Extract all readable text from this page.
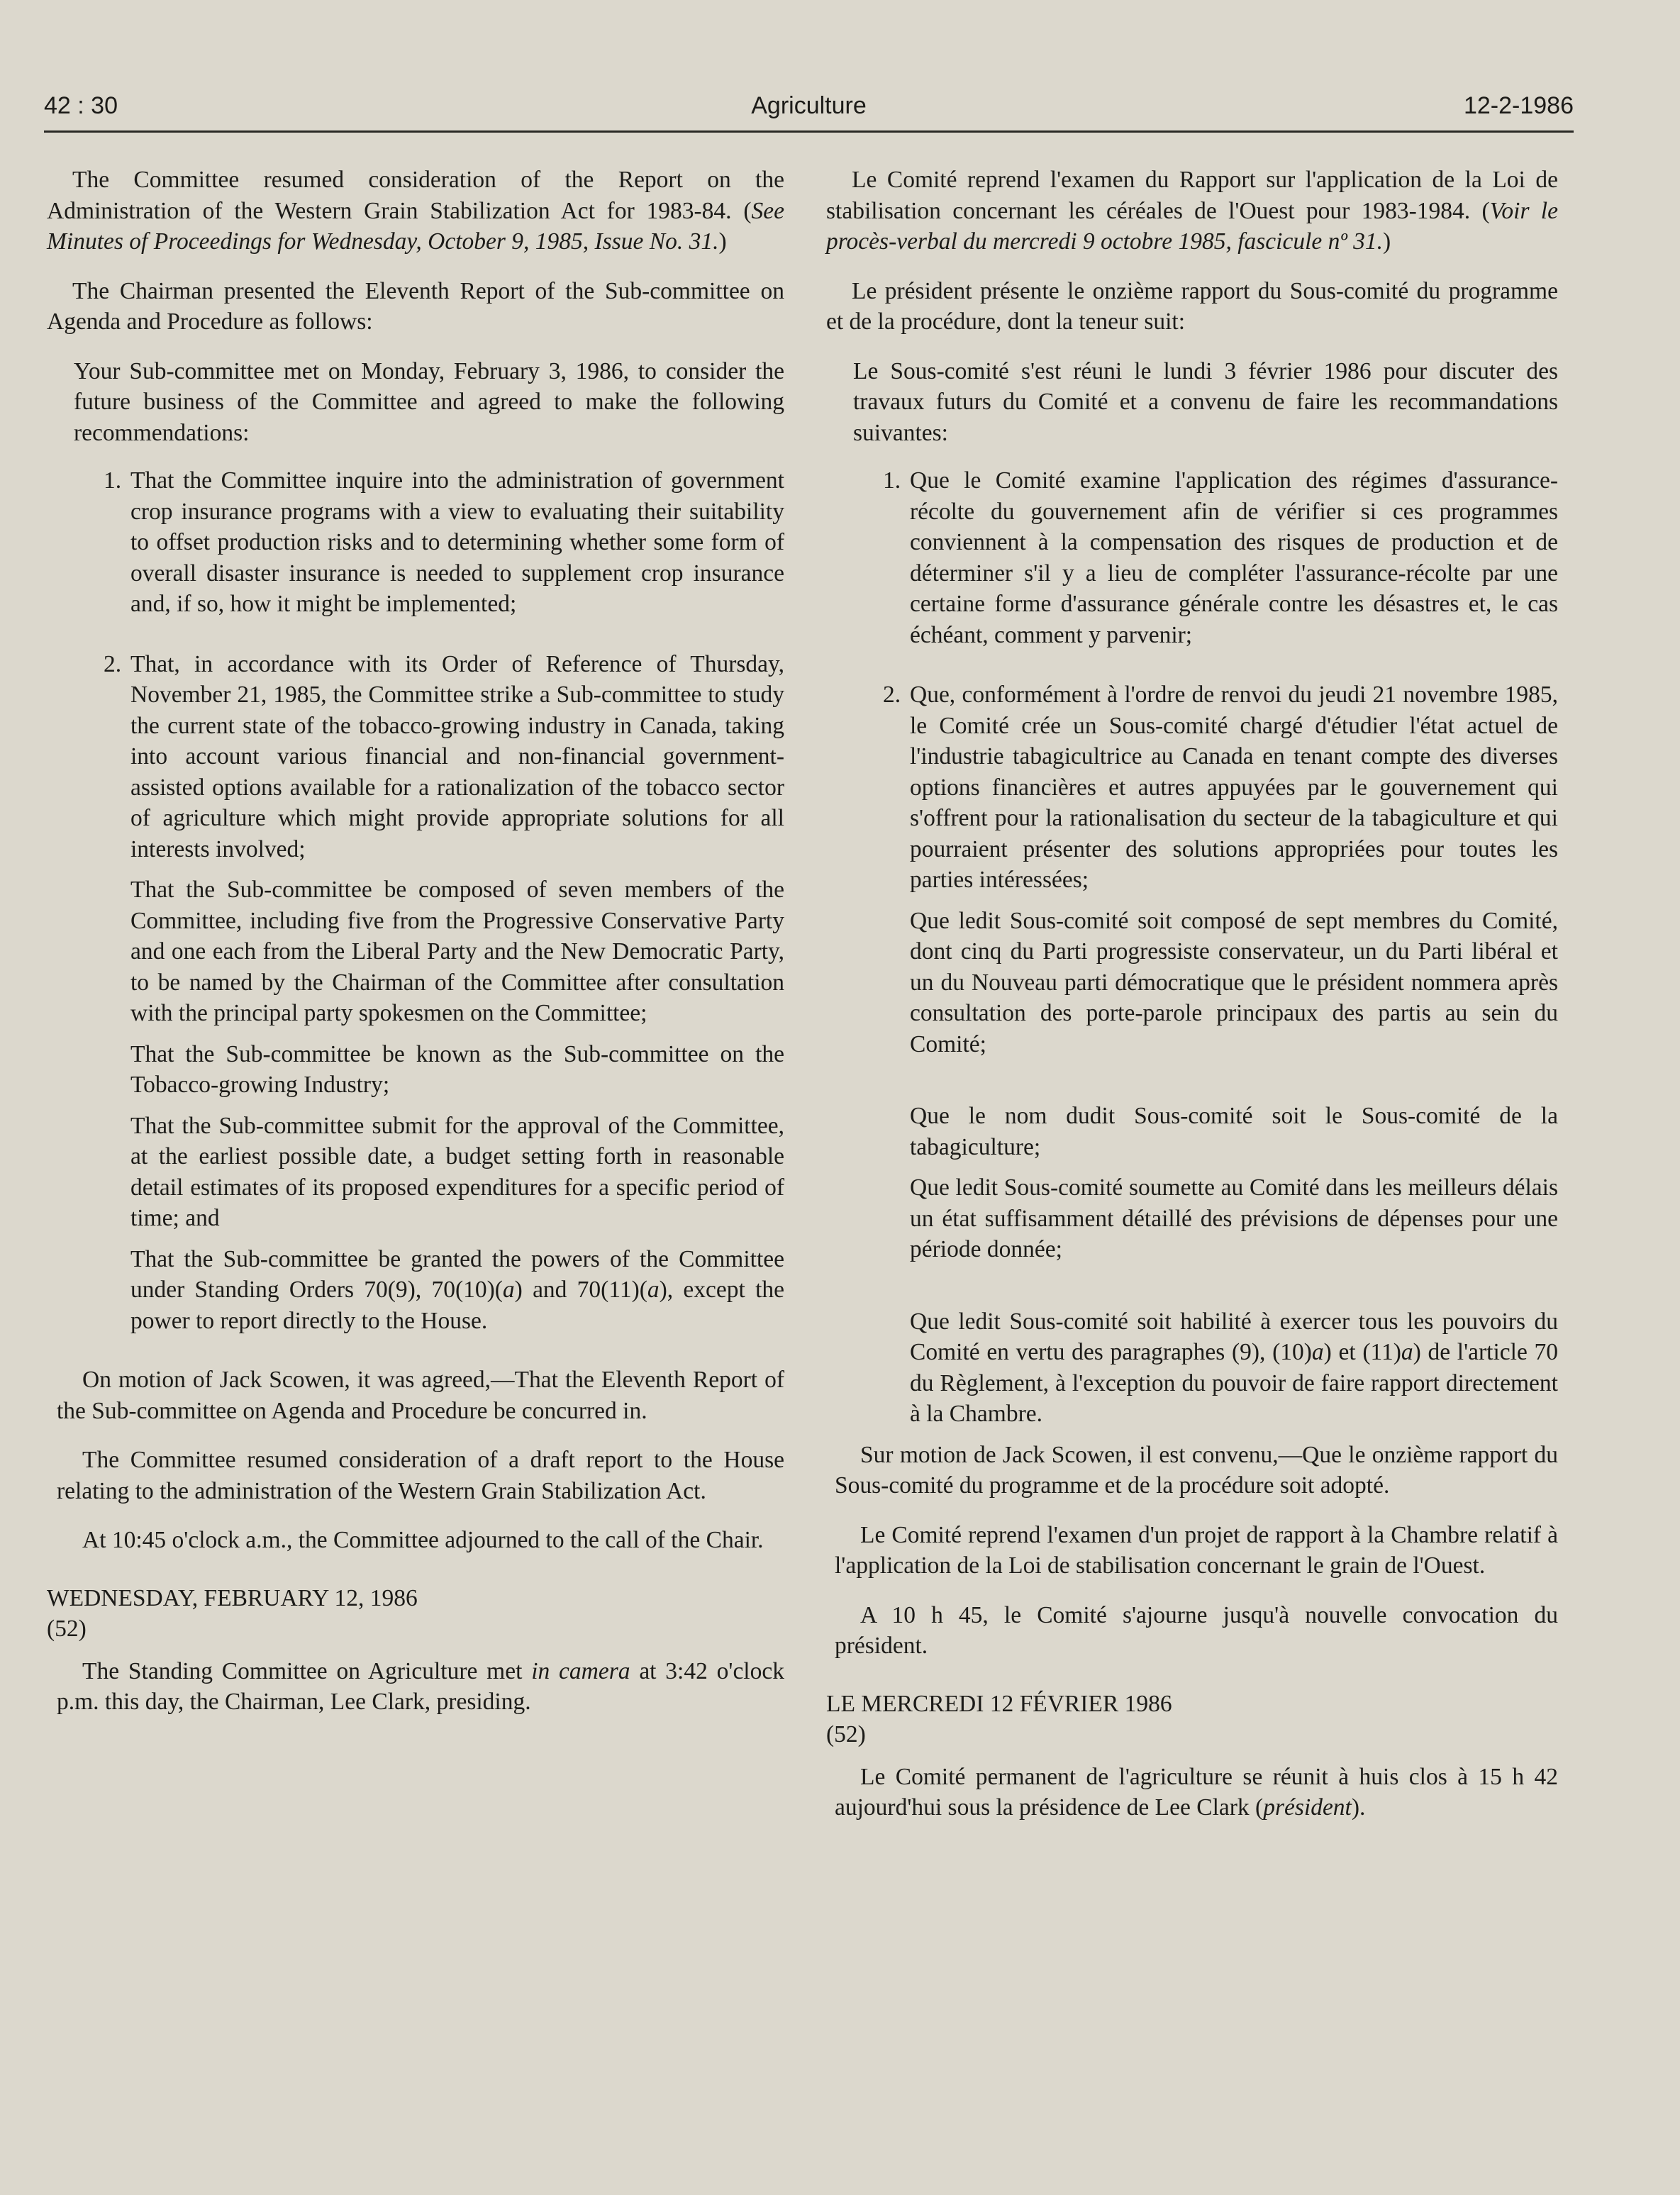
42 : 30	Agriculture	12-2-1986

The Committee resumed consideration of the Report on the Administration of the Western Grain Stabilization Act for 1983-84. (See Minutes of Proceedings for Wednesday, October 9, 1985, Issue No. 31.)

The Chairman presented the Eleventh Report of the Sub-committee on Agenda and Procedure as follows:

Your Sub-committee met on Monday, February 3, 1986, to consider the future business of the Committee and agreed to make the following recommendations:

1. That the Committee inquire into the administration of government crop insurance programs with a view to evaluating their suitability to offset production risks and to determining whether some form of overall disaster insurance is needed to supplement crop insurance and, if so, how it might be implemented;

2. That, in accordance with its Order of Reference of Thursday, November 21, 1985, the Committee strike a Sub-committee to study the current state of the tobacco-growing industry in Canada, taking into account various financial and non-financial government-assisted options available for a rationalization of the tobacco sector of agriculture which might provide appropriate solutions for all interests involved;

That the Sub-committee be composed of seven members of the Committee, including five from the Progressive Conservative Party and one each from the Liberal Party and the New Democratic Party, to be named by the Chairman of the Committee after consultation with the principal party spokesmen on the Committee;

That the Sub-committee be known as the Sub-committee on the Tobacco-growing Industry;

That the Sub-committee submit for the approval of the Committee, at the earliest possible date, a budget setting forth in reasonable detail estimates of its proposed expenditures for a specific period of time; and

That the Sub-committee be granted the powers of the Committee under Standing Orders 70(9), 70(10)(a) and 70(11)(a), except the power to report directly to the House.

On motion of Jack Scowen, it was agreed,—That the Eleventh Report of the Sub-committee on Agenda and Procedure be concurred in.

The Committee resumed consideration of a draft report to the House relating to the administration of the Western Grain Stabilization Act.

At 10:45 o'clock a.m., the Committee adjourned to the call of the Chair.

WEDNESDAY, FEBRUARY 12, 1986

(52)

The Standing Committee on Agriculture met in camera at 3:42 o'clock p.m. this day, the Chairman, Lee Clark, presiding.

Le Comité reprend l'examen du Rapport sur l'application de la Loi de stabilisation concernant les céréales de l'Ouest pour 1983-1984. (Voir le procès-verbal du mercredi 9 octobre 1985, fascicule nº 31.)

Le président présente le onzième rapport du Sous-comité du programme et de la procédure, dont la teneur suit:

Le Sous-comité s'est réuni le lundi 3 février 1986 pour discuter des travaux futurs du Comité et a convenu de faire les recommandations suivantes:

1. Que le Comité examine l'application des régimes d'assurance-récolte du gouvernement afin de vérifier si ces programmes conviennent à la compensation des risques de production et de déterminer s'il y a lieu de compléter l'assurance-récolte par une certaine forme d'assurance générale contre les désastres et, le cas échéant, comment y parvenir;

2. Que, conformément à l'ordre de renvoi du jeudi 21 novembre 1985, le Comité crée un Sous-comité chargé d'étudier l'état actuel de l'industrie tabagicultrice au Canada en tenant compte des diverses options financières et autres appuyées par le gouvernement qui s'offrent pour la rationalisation du secteur de la tabagiculture et qui pourraient présenter des solutions appropriées pour toutes les parties intéressées;

Que ledit Sous-comité soit composé de sept membres du Comité, dont cinq du Parti progressiste conservateur, un du Parti libéral et un du Nouveau parti démocratique que le président nommera après consultation des porte-parole principaux des partis au sein du Comité;

Que le nom dudit Sous-comité soit le Sous-comité de la tabagiculture;

Que ledit Sous-comité soumette au Comité dans les meilleurs délais un état suffisamment détaillé des prévisions de dépenses pour une période donnée;

Que ledit Sous-comité soit habilité à exercer tous les pouvoirs du Comité en vertu des paragraphes (9), (10)a) et (11)a) de l'article 70 du Règlement, à l'exception du pouvoir de faire rapport directement à la Chambre.

Sur motion de Jack Scowen, il est convenu,—Que le onzième rapport du Sous-comité du programme et de la procédure soit adopté.

Le Comité reprend l'examen d'un projet de rapport à la Chambre relatif à l'application de la Loi de stabilisation concernant le grain de l'Ouest.

A 10 h 45, le Comité s'ajourne jusqu'à nouvelle convocation du président.

LE MERCREDI 12 FÉVRIER 1986

(52)

Le Comité permanent de l'agriculture se réunit à huis clos à 15 h 42 aujourd'hui sous la présidence de Lee Clark (président).
